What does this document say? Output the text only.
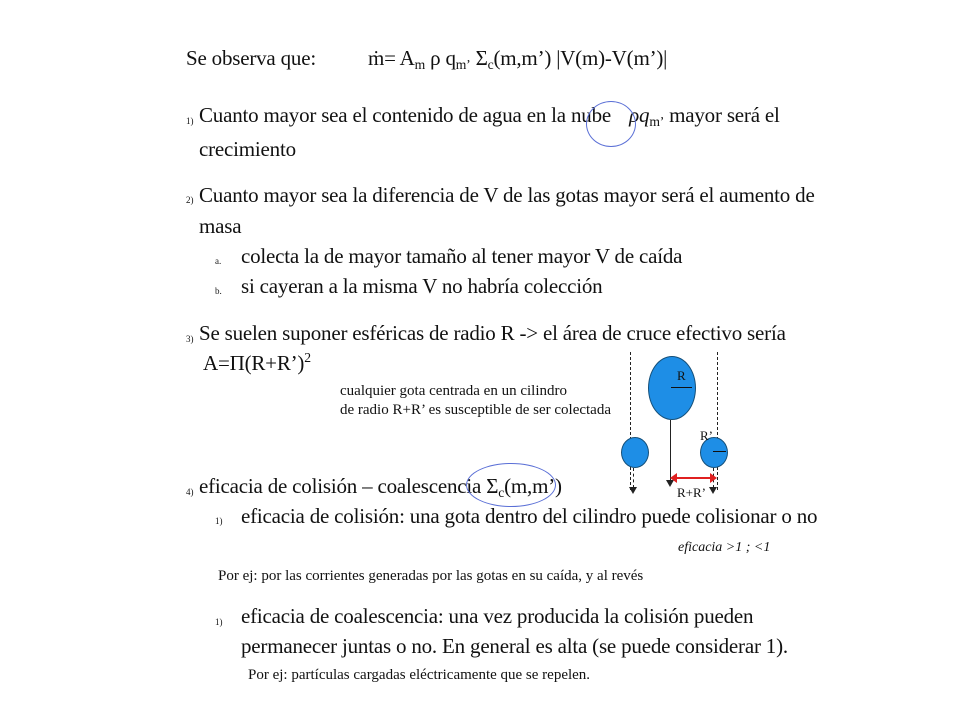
Se observa que: ṁ= $A_m$ ρ $q_{m’}$ $\Sigma_c(m,m’)$ |V(m)-V(m’)|
1) Cuanto mayor sea el contenido de agua en la nube $\rho q_{m’}$ mayor será el
crecimiento
2) Cuanto mayor sea la diferencia de V de las gotas mayor será el aumento de
masa
a. colecta la de mayor tamaño al tener mayor V de caída
b. si cayeran a la misma V no habría colección
3) Se suelen suponer esféricas de radio R -> el área de cruce efectivo sería
A=Π(R+R’)$^2$
cualquier gota centrada en un cilindro
de radio R+R’ es susceptible de ser colectada
R
R’
R+R’
4) eficacia de colisión – coalescencia $\Sigma_c(m,m’)$
1) eficacia de colisión: una gota dentro del cilindro puede colisionar o no
eficacia >1 ; <1
Por ej: por las corrientes generadas por las gotas en su caída, y al revés
1) eficacia de coalescencia: una vez producida la colisión pueden
permanecer juntas o no. En general es alta (se puede considerar 1).
Por ej: partículas cargadas eléctricamente que se repelen.
